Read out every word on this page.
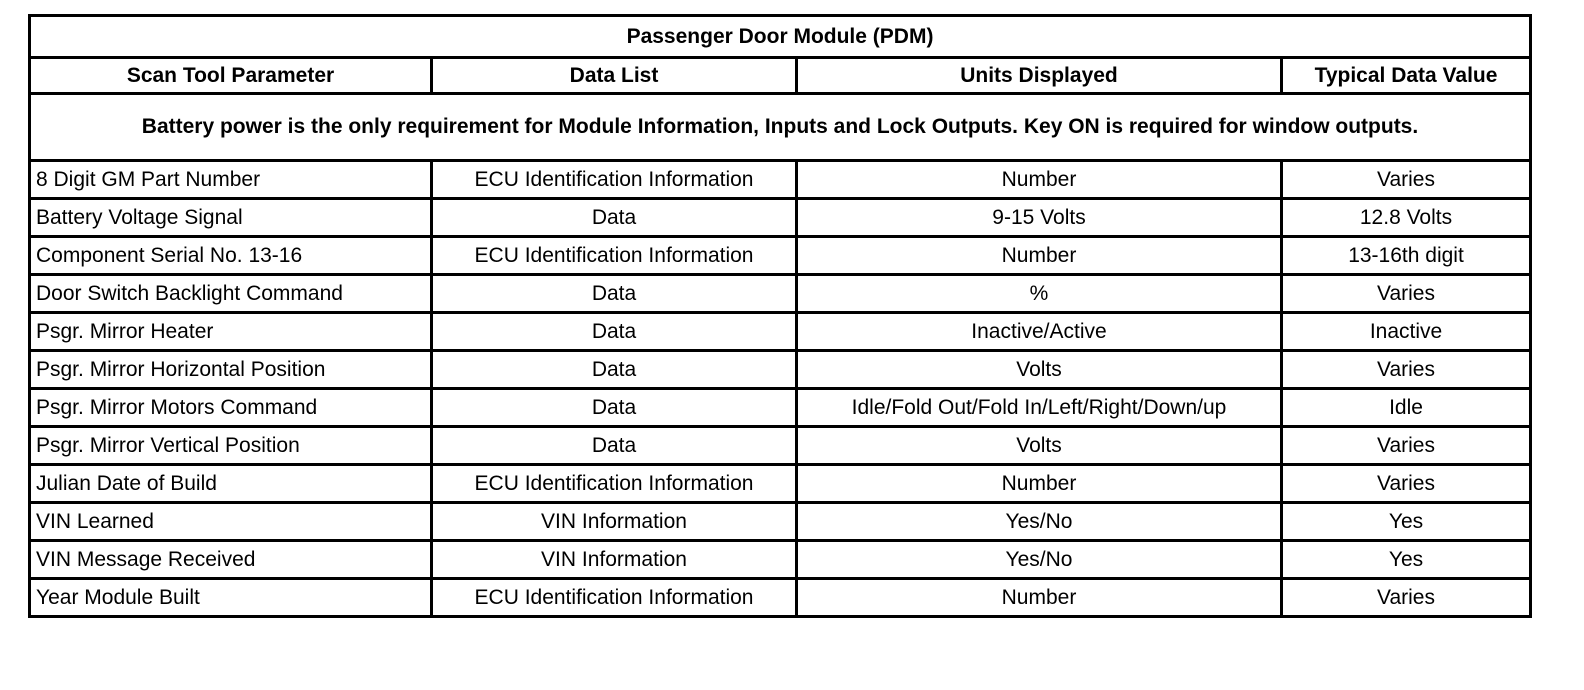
Passenger Door Module (PDM)			
Scan Tool Parameter	Data List	Units Displayed	Typical Data Value
Battery power is the only requirement for Module Information, Inputs and Lock Outputs. Key ON is required for window outputs.			
8 Digit GM Part Number	ECU Identification Information	Number	Varies
Battery Voltage Signal	Data	9-15 Volts	12.8 Volts
Component Serial No. 13-16	ECU Identification Information	Number	13-16th digit
Door Switch Backlight Command	Data	%	Varies
Psgr. Mirror Heater	Data	Inactive/Active	Inactive
Psgr. Mirror Horizontal Position	Data	Volts	Varies
Psgr. Mirror Motors Command	Data	Idle/Fold Out/Fold In/Left/Right/Down/up	Idle
Psgr. Mirror Vertical Position	Data	Volts	Varies
Julian Date of Build	ECU Identification Information	Number	Varies
VIN Learned	VIN Information	Yes/No	Yes
VIN Message Received	VIN Information	Yes/No	Yes
Year Module Built	ECU Identification Information	Number	Varies
